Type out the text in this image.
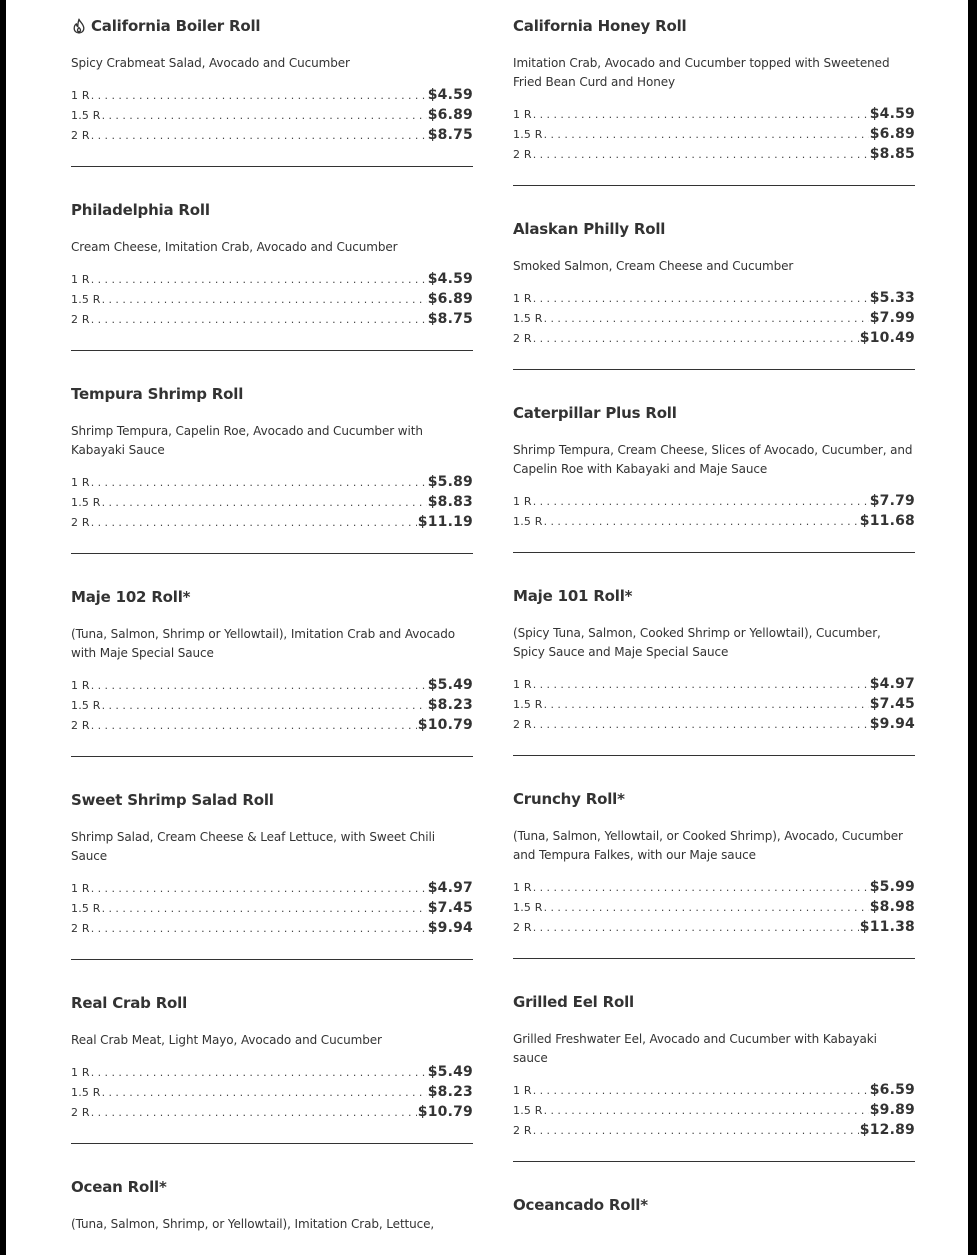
California Boiler Roll
Spicy Crabmeat Salad, Avocado and Cucumber
1 R .....	$4.59
1.5 R .....	$6.89
2 R .....	$8.75
Philadelphia Roll
Cream Cheese, Imitation Crab, Avocado and Cucumber
1 R .....	$4.59
1.5 R .....	$6.89
2 R .....	$8.75
Tempura Shrimp Roll
Shrimp Tempura, Capelin Roe, Avocado and Cucumber with Kabayaki Sauce
1 R .....	$5.89
1.5 R .....	$8.83
2 R .....	$11.19
Maje 102 Roll*
(Tuna, Salmon, Shrimp or Yellowtail), Imitation Crab and Avocado with Maje Special Sauce
1 R .....	$5.49
1.5 R .....	$8.23
2 R .....	$10.79
Sweet Shrimp Salad Roll
Shrimp Salad, Cream Cheese & Leaf Lettuce, with Sweet Chili Sauce
1 R .....	$4.97
1.5 R .....	$7.45
2 R .....	$9.94
Real Crab Roll
Real Crab Meat, Light Mayo, Avocado and Cucumber
1 R .....	$5.49
1.5 R .....	$8.23
2 R .....	$10.79
Ocean Roll*
(Tuna, Salmon, Shrimp, or Yellowtail), Imitation Crab, Lettuce,
California Honey Roll
Imitation Crab, Avocado and Cucumber topped with Sweetened Fried Bean Curd and Honey
1 R .....	$4.59
1.5 R .....	$6.89
2 R .....	$8.85
Alaskan Philly Roll
Smoked Salmon, Cream Cheese and Cucumber
1 R .....	$5.33
1.5 R .....	$7.99
2 R .....	$10.49
Caterpillar Plus Roll
Shrimp Tempura, Cream Cheese, Slices of Avocado, Cucumber, and Capelin Roe with Kabayaki and Maje Sauce
1 R .....	$7.79
1.5 R .....	$11.68
Maje 101 Roll*
(Spicy Tuna, Salmon, Cooked Shrimp or Yellowtail), Cucumber, Spicy Sauce and Maje Special Sauce
1 R .....	$4.97
1.5 R .....	$7.45
2 R .....	$9.94
Crunchy Roll*
(Tuna, Salmon, Yellowtail, or Cooked Shrimp), Avocado, Cucumber and Tempura Falkes, with our Maje sauce
1 R .....	$5.99
1.5 R .....	$8.98
2 R .....	$11.38
Grilled Eel Roll
Grilled Freshwater Eel, Avocado and Cucumber with Kabayaki sauce
1 R .....	$6.59
1.5 R .....	$9.89
2 R .....	$12.89
Oceancado Roll*
